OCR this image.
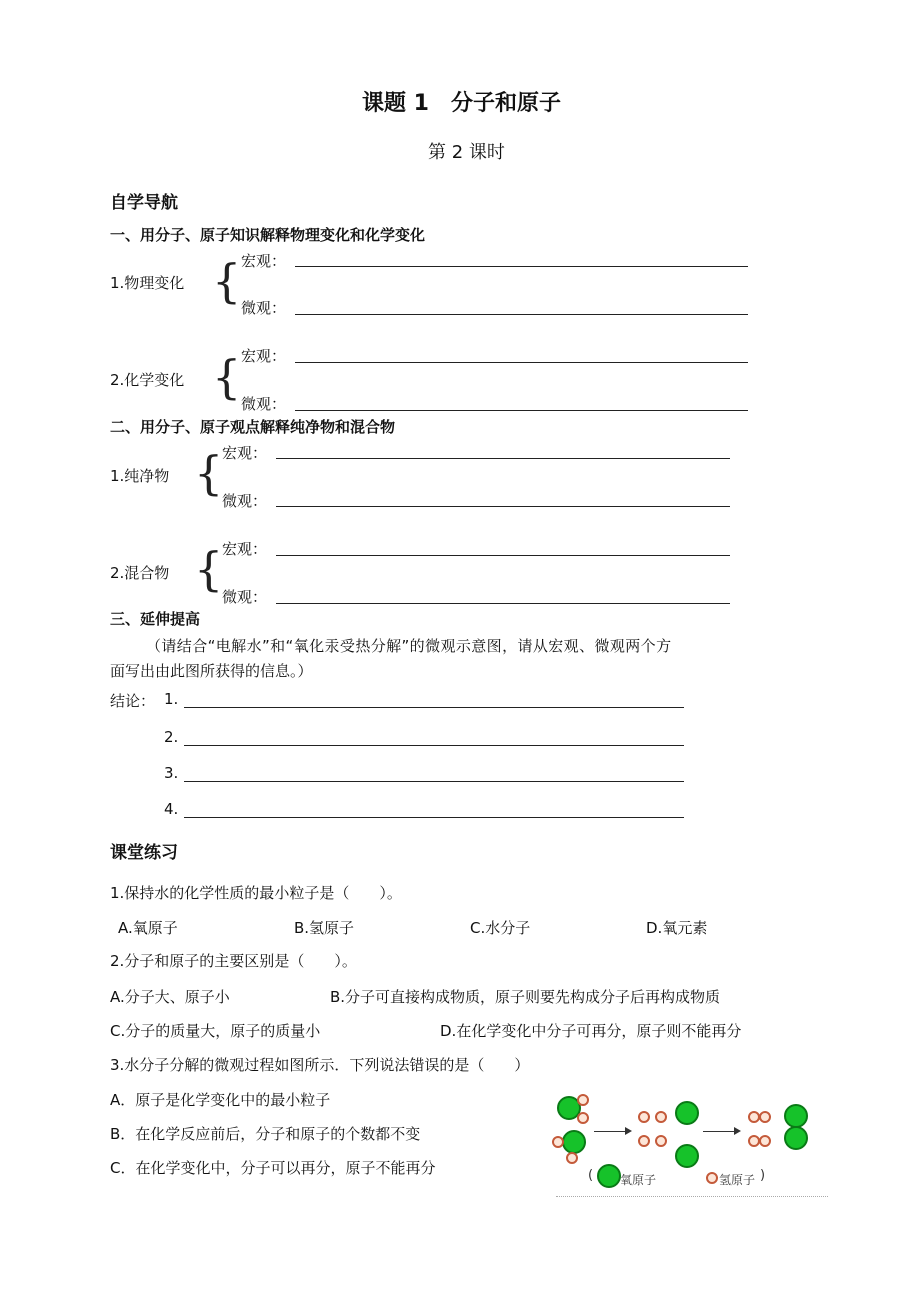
课题 1　分子和原子
第 2 课时
自学导航
一、用分子、原子知识解释物理变化和化学变化
1.物理变化 { 宏观：
微观：
2.化学变化 { 宏观：
微观：
二、用分子、原子观点解释纯净物和混合物
1.纯净物 {
宏观：
微观：
2.混合物 {
宏观：
微观：
三、延伸提高
（请结合“电解水”和“氧化汞受热分解”的微观示意图，请从宏观、微观两个方
面写出由此图所获得的信息。）
结论： 1.
2.
3.
4.
课堂练习
1.保持水的化学性质的最小粒子是（　　）。
A.氧原子	B.氢原子	C.水分子	D.氧元素
2.分子和原子的主要区别是（　　）。
A.分子大、原子小	B.分子可直接构成物质，原子则要先构成分子后再构成物质
C.分子的质量大，原子的质量小	D.在化学变化中分子可再分，原子则不能再分
3.水分子分解的微观过程如图所示．下列说法错误的是（　　）
A．原子是化学变化中的最小粒子
B．在化学反应前后，分子和原子的个数都不变
C．在化学变化中，分子可以再分，原子不能再分	( 氧原子	氢原子 )
